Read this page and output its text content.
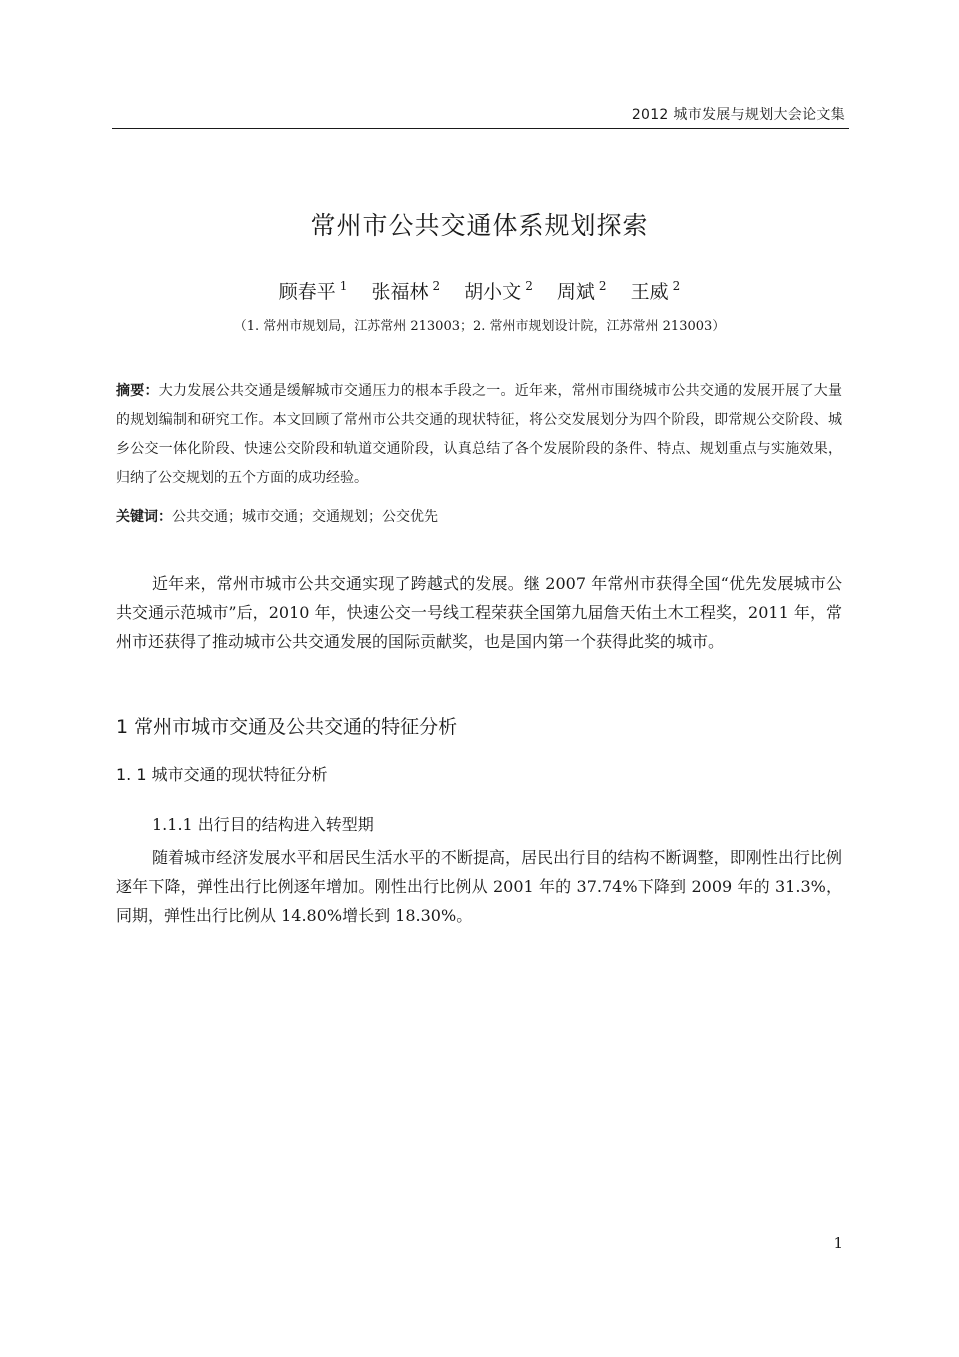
2012 城市发展与规划大会论文集
常州市公共交通体系规划探索
顾春平 $^1$ 张福林 $^2$ 胡小文 $^2$ 周斌 $^2$ 王威 $^2$
（1. 常州市规划局，江苏常州 213003；2. 常州市规划设计院，江苏常州 213003）
摘要：大力发展公共交通是缓解城市交通压力的根本手段之一。近年来，常州市围绕城市公共交通的发展开展了大量的规划编制和研究工作。本文回顾了常州市公共交通的现状特征，将公交发展划分为四个阶段，即常规公交阶段、城乡公交一体化阶段、快速公交阶段和轨道交通阶段，认真总结了各个发展阶段的条件、特点、规划重点与实施效果，归纳了公交规划的五个方面的成功经验。
关键词：公共交通；城市交通；交通规划；公交优先
近年来，常州市城市公共交通实现了跨越式的发展。继 2007 年常州市获得全国“优先发展城市公共交通示范城市”后，2010 年，快速公交一号线工程荣获全国第九届詹天佑土木工程奖，2011 年，常州市还获得了推动城市公共交通发展的国际贡献奖，也是国内第一个获得此奖的城市。
1 常州市城市交通及公共交通的特征分析
1. 1 城市交通的现状特征分析
1.1.1 出行目的结构进入转型期
随着城市经济发展水平和居民生活水平的不断提高，居民出行目的结构不断调整，即刚性出行比例逐年下降，弹性出行比例逐年增加。刚性出行比例从 2001 年的 37.74%下降到 2009 年的 31.3%， 同期，弹性出行比例从 14.80%增长到 18.30%。
1
